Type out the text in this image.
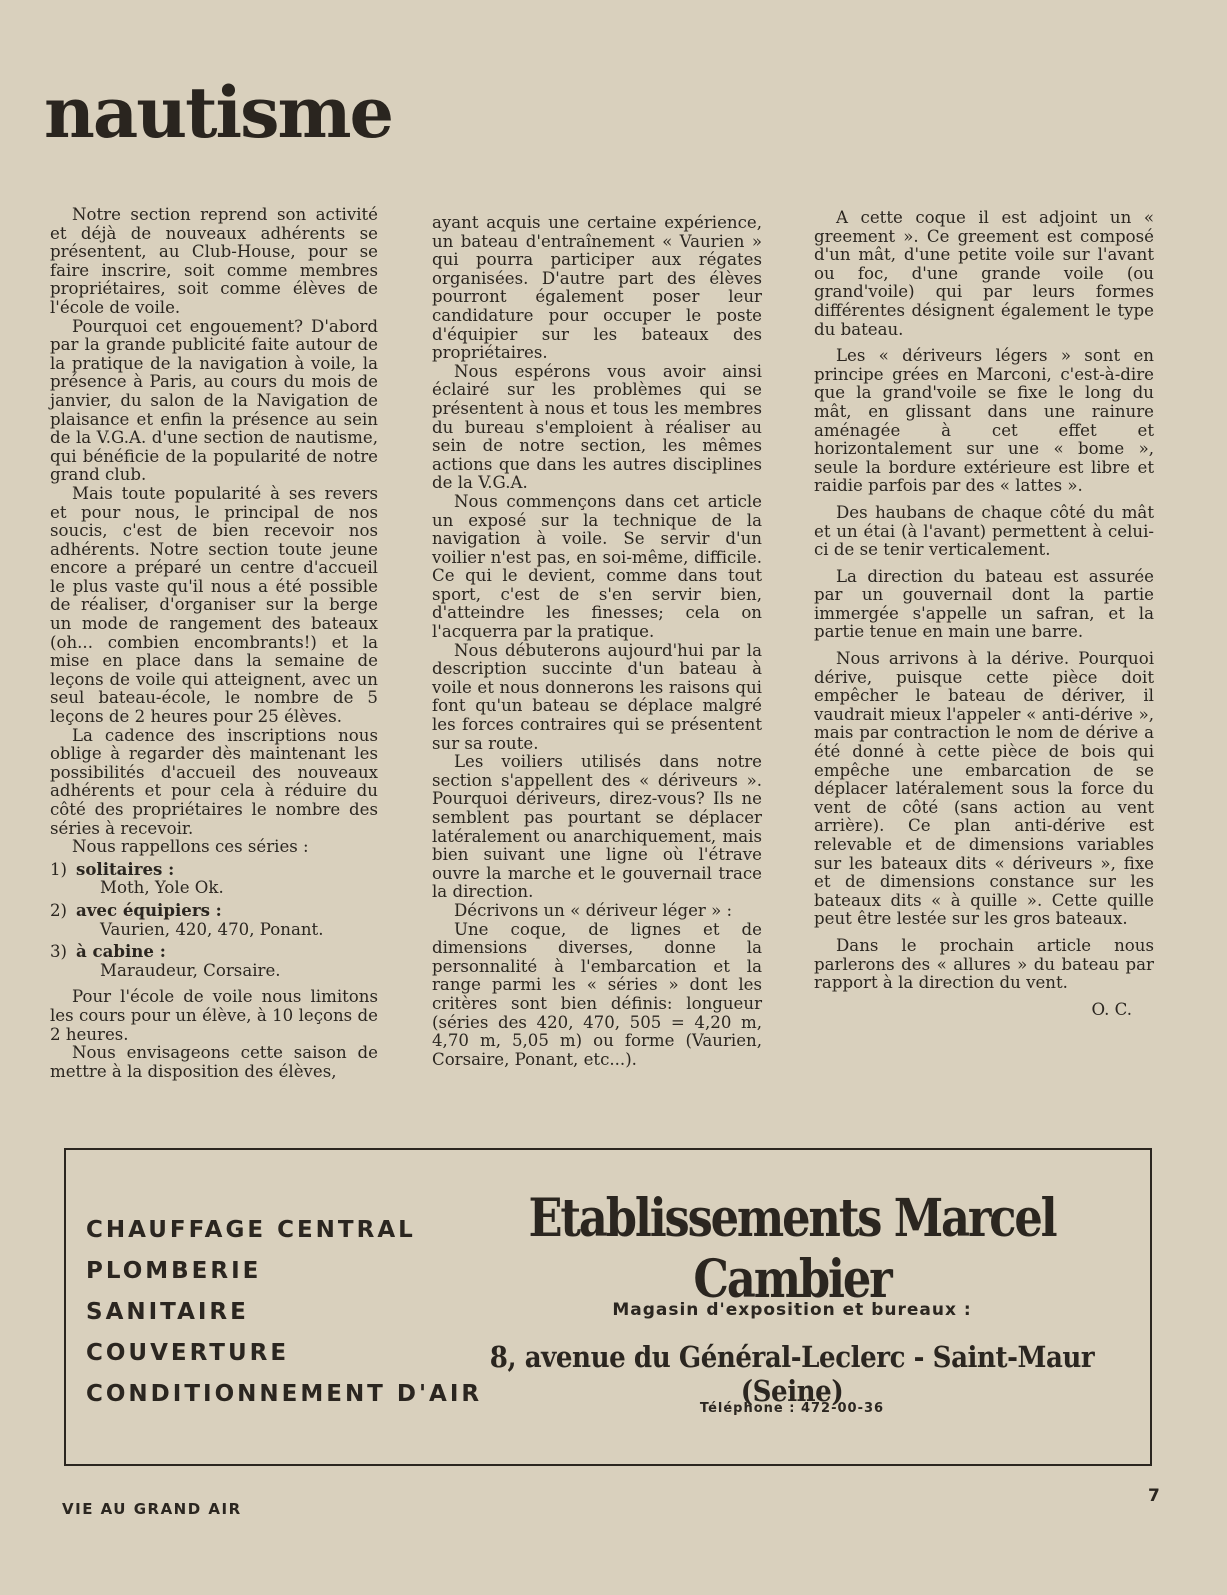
nautisme

Notre section reprend son activité et déjà de nouveaux adhérents se présentent, au Club-House, pour se faire inscrire, soit comme membres propriétaires, soit comme élèves de l'école de voile.

Pourquoi cet engouement? D'abord par la grande publicité faite autour de la pratique de la navigation à voile, la présence à Paris, au cours du mois de janvier, du salon de la Navigation de plaisance et enfin la présence au sein de la V.G.A. d'une section de nautisme, qui bénéficie de la popularité de notre grand club.

Mais toute popularité à ses revers et pour nous, le principal de nos soucis, c'est de bien recevoir nos adhérents. Notre section toute jeune encore a préparé un centre d'accueil le plus vaste qu'il nous a été possible de réaliser, d'organiser sur la berge un mode de rangement des bateaux (oh... combien encombrants!) et la mise en place dans la semaine de leçons de voile qui atteignent, avec un seul bateau-école, le nombre de 5 leçons de 2 heures pour 25 élèves.

La cadence des inscriptions nous oblige à regarder dès maintenant les possibilités d'accueil des nouveaux adhérents et pour cela à réduire du côté des propriétaires le nombre des séries à recevoir.

Nous rappellons ces séries :

1) solitaires :

Moth, Yole Ok.

2) avec équipiers :

Vaurien, 420, 470, Ponant.

3) à cabine :

Maraudeur, Corsaire.

Pour l'école de voile nous limitons les cours pour un élève, à 10 leçons de 2 heures.

Nous envisageons cette saison de mettre à la disposition des élèves,

ayant acquis une certaine expérience, un bateau d'entraînement « Vaurien » qui pourra participer aux régates organisées. D'autre part des élèves pourront également poser leur candidature pour occuper le poste d'équipier sur les bateaux des propriétaires.

Nous espérons vous avoir ainsi éclairé sur les problèmes qui se présentent à nous et tous les membres du bureau s'emploient à réaliser au sein de notre section, les mêmes actions que dans les autres disciplines de la V.G.A.

Nous commençons dans cet article un exposé sur la technique de la navigation à voile. Se servir d'un voilier n'est pas, en soi-même, difficile. Ce qui le devient, comme dans tout sport, c'est de s'en servir bien, d'atteindre les finesses; cela on l'acquerra par la pratique.

Nous débuterons aujourd'hui par la description succinte d'un bateau à voile et nous donnerons les raisons qui font qu'un bateau se déplace malgré les forces contraires qui se présentent sur sa route.

Les voiliers utilisés dans notre section s'appellent des « dériveurs ». Pourquoi dériveurs, direz-vous? Ils ne semblent pas pourtant se déplacer latéralement ou anarchiquement, mais bien suivant une ligne où l'étrave ouvre la marche et le gouvernail trace la direction.

Décrivons un « dériveur léger » :

Une coque, de lignes et de dimensions diverses, donne la personnalité à l'embarcation et la range parmi les « séries » dont les critères sont bien définis: longueur (séries des 420, 470, 505 = 4,20 m, 4,70 m, 5,05 m) ou forme (Vaurien, Corsaire, Ponant, etc...).

A cette coque il est adjoint un « greement ». Ce greement est composé d'un mât, d'une petite voile sur l'avant ou foc, d'une grande voile (ou grand'voile) qui par leurs formes différentes désignent également le type du bateau.

Les « dériveurs légers » sont en principe grées en Marconi, c'est-à-dire que la grand'voile se fixe le long du mât, en glissant dans une rainure aménagée à cet effet et horizontalement sur une « bome », seule la bordure extérieure est libre et raidie parfois par des « lattes ».

Des haubans de chaque côté du mât et un étai (à l'avant) permettent à celui-ci de se tenir verticalement.

La direction du bateau est assurée par un gouvernail dont la partie immergée s'appelle un safran, et la partie tenue en main une barre.

Nous arrivons à la dérive. Pourquoi dérive, puisque cette pièce doit empêcher le bateau de dériver, il vaudrait mieux l'appeler « anti-dérive », mais par contraction le nom de dérive a été donné à cette pièce de bois qui empêche une embarcation de se déplacer latéralement sous la force du vent de côté (sans action au vent arrière). Ce plan anti-dérive est relevable et de dimensions variables sur les bateaux dits « dériveurs », fixe et de dimensions constance sur les bateaux dits « à quille ». Cette quille peut être lestée sur les gros bateaux.

Dans le prochain article nous parlerons des « allures » du bateau par rapport à la direction du vent.

O. C.

CHAUFFAGE CENTRAL
PLOMBERIE
SANITAIRE
COUVERTURE
CONDITIONNEMENT D'AIR

Etablissements Marcel Cambier

Magasin d'exposition et bureaux :
8, avenue du Général-Leclerc - Saint-Maur (Seine)
Téléphone : 472-00-36
VIE AU GRAND AIR
7
